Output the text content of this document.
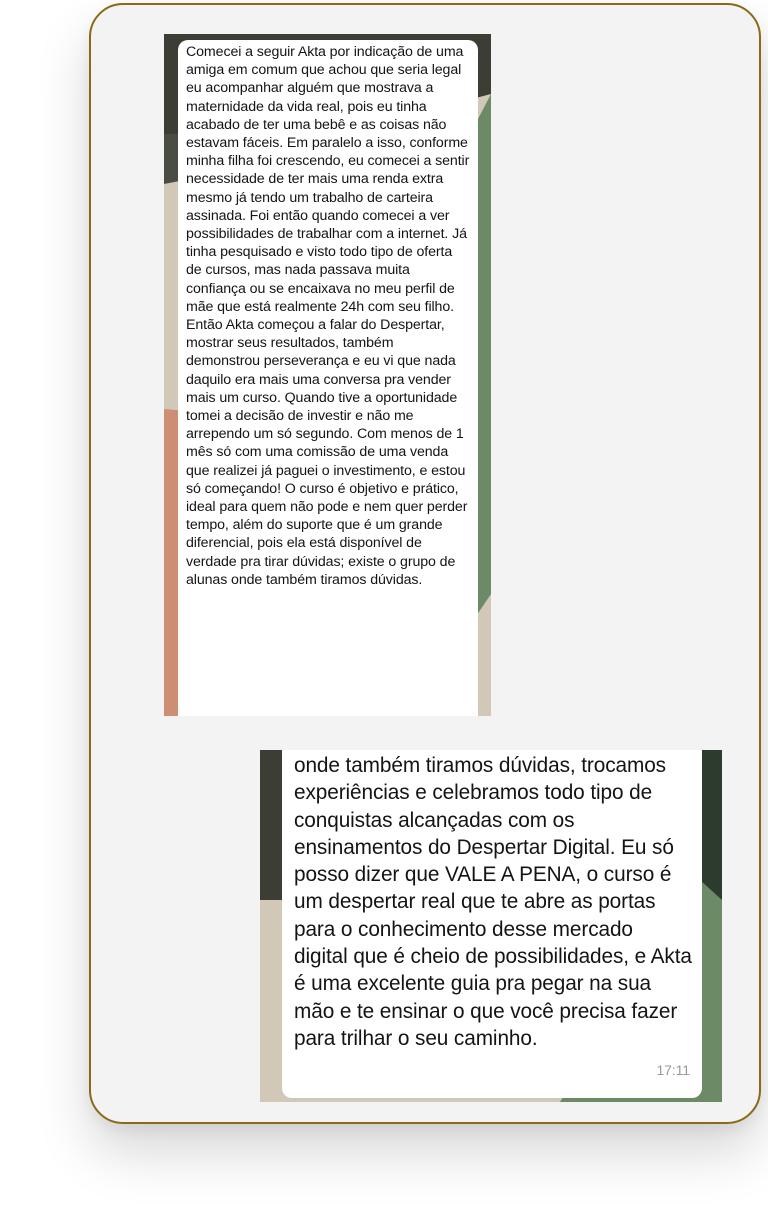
Comecei a seguir Akta por indicação de uma amiga em comum que achou que seria legal eu acompanhar alguém que mostrava a maternidade da vida real, pois eu tinha acabado de ter uma bebê e as coisas não estavam fáceis. Em paralelo a isso, conforme minha filha foi crescendo, eu comecei a sentir necessidade de ter mais uma renda extra mesmo já tendo um trabalho de carteira assinada. Foi então quando comecei a ver possibilidades de trabalhar com a internet. Já tinha pesquisado e visto todo tipo de oferta de cursos, mas nada passava muita confiança ou se encaixava no meu perfil de mãe que está realmente 24h com seu filho. Então Akta começou a falar do Despertar, mostrar seus resultados, também demonstrou perseverança e eu vi que nada daquilo era mais uma conversa pra vender mais um curso. Quando tive a oportunidade tomei a decisão de investir e não me arrependo um só segundo. Com menos de 1 mês só com uma comissão de uma venda que realizei já paguei o investimento, e estou só começando! O curso é objetivo e prático, ideal para quem não pode e nem quer perder tempo, além do suporte que é um grande diferencial, pois ela está disponível de verdade pra tirar dúvidas; existe o grupo de alunas onde também tiramos dúvidas.

onde também tiramos dúvidas, trocamos experiências e celebramos todo tipo de conquistas alcançadas com os ensinamentos do Despertar Digital. Eu só posso dizer que VALE A PENA, o curso é um despertar real que te abre as portas para o conhecimento desse mercado digital que é cheio de possibilidades, e Akta é uma excelente guia pra pegar na sua mão e te ensinar o que você precisa fazer para trilhar o seu caminho.

17:11
